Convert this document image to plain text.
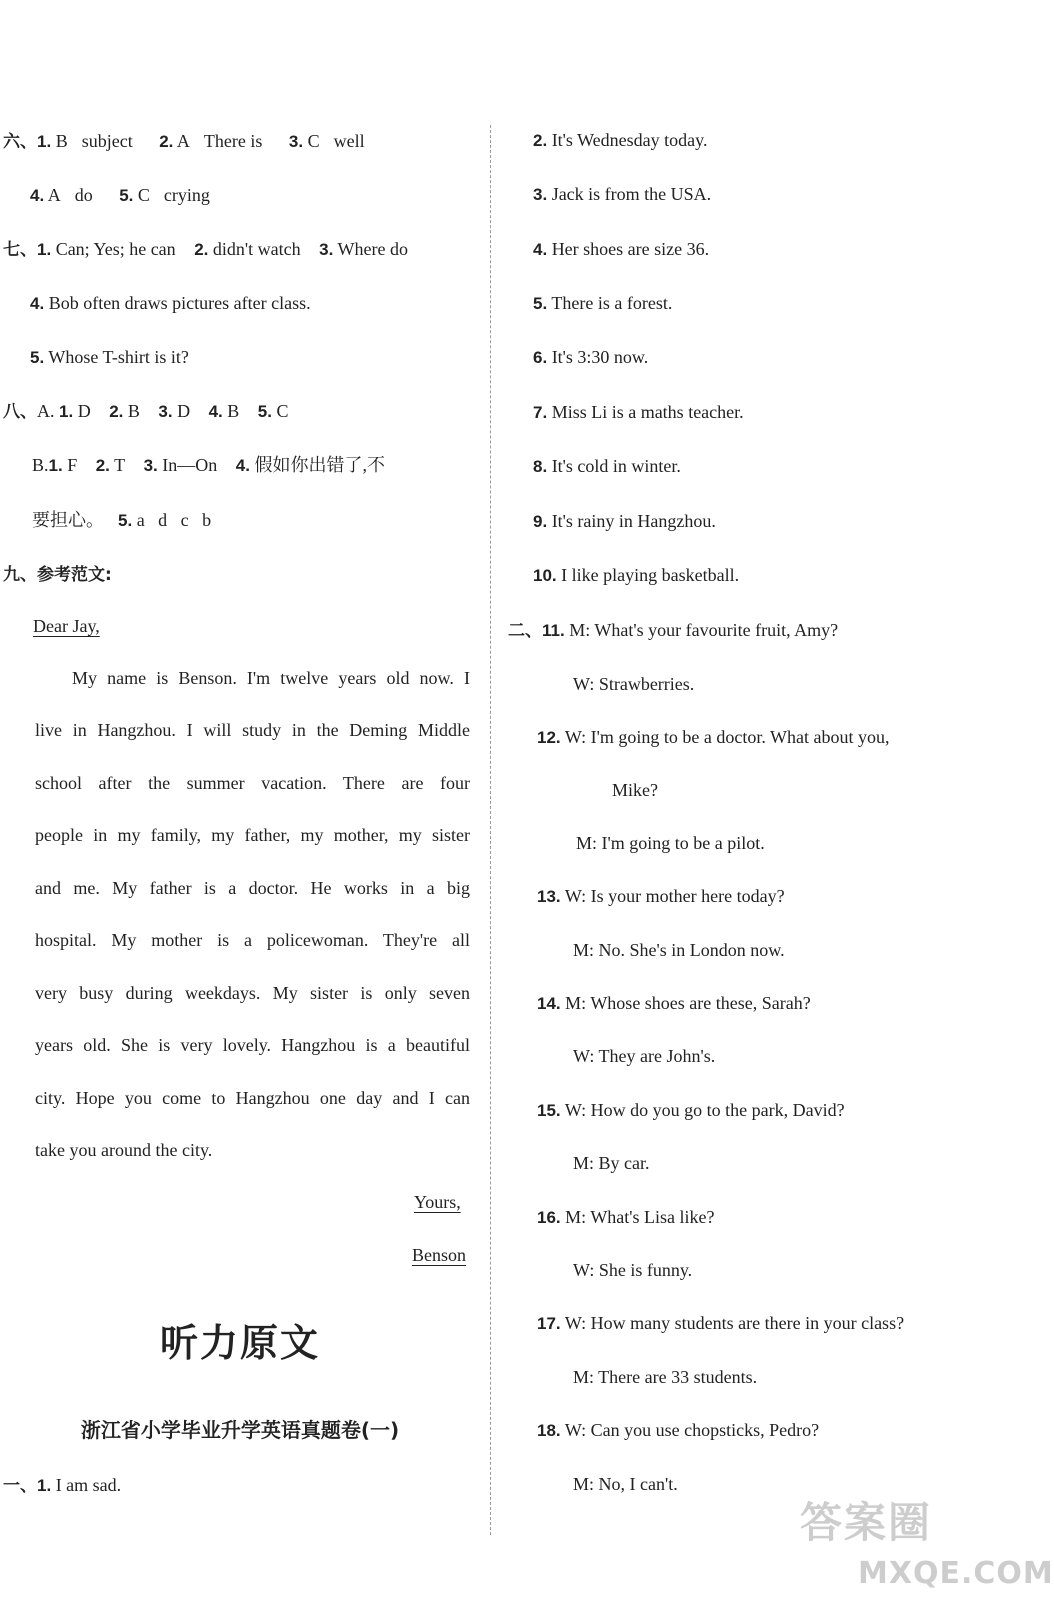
六、1. B subject 2. A There is 3. C well
4. A do 5. C crying
七、1. Can; Yes; he can 2. didn't watch 3. Where do
4. Bob often draws pictures after class.
5. Whose T-shirt is it?
八、A. 1. D 2. B 3. D 4. B 5. C
B.1. F 2. T 3. In—On 4. 假如你出错了,不
要担心。 5. a   d   c   b
九、参考范文:
Dear Jay,
My name is Benson. I'm twelve years old now. I
live in Hangzhou. I will study in the Deming Middle
school after the summer vacation. There are four
people in my family, my father, my mother, my sister
and me. My father is a doctor. He works in a big
hospital. My mother is a policewoman. They're all
very busy during weekdays. My sister is only seven
years old. She is very lovely. Hangzhou is a beautiful
city. Hope you come to Hangzhou one day and I can
take you around the city.
Yours,
Benson
听力原文
浙江省小学毕业升学英语真题卷(一)
一、1. I am sad.
2. It's Wednesday today.
3. Jack is from the USA.
4. Her shoes are size 36.
5. There is a forest.
6. It's 3:30 now.
7. Miss Li is a maths teacher.
8. It's cold in winter.
9. It's rainy in Hangzhou.
10. I like playing basketball.
二、11. M: What's your favourite fruit, Amy?
W: Strawberries.
12. W: I'm going to be a doctor. What about you,
Mike?
M: I'm going to be a pilot.
13. W: Is your mother here today?
M: No. She's in London now.
14. M: Whose shoes are these, Sarah?
W: They are John's.
15. W: How do you go to the park, David?
M: By car.
16. M: What's Lisa like?
W: She is funny.
17. W: How many students are there in your class?
M: There are 33 students.
18. W: Can you use chopsticks, Pedro?
M: No, I can't.
答案圈
MXQE.COM
